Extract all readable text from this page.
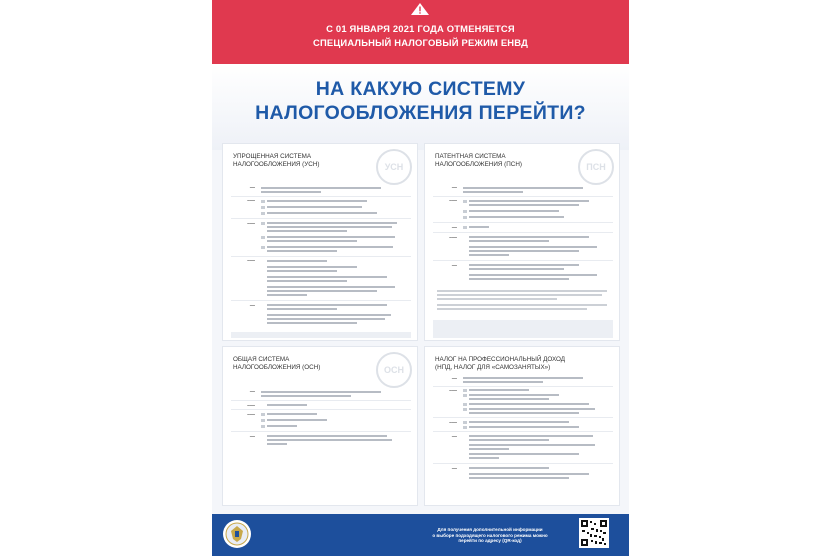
С 01 ЯНВАРЯ 2021 ГОДА ОТМЕНЯЕТСЯ
СПЕЦИАЛЬНЫЙ НАЛОГОВЫЙ РЕЖИМ ЕНВД
НА КАКУЮ СИСТЕМУ
НАЛОГООБЛОЖЕНИЯ ПЕРЕЙТИ?
УПРОЩЕННАЯ СИСТЕМА
НАЛОГООБЛОЖЕНИЯ (УСН)	УСН
▬▬
▬▬▬
▬▬▬
▬▬▬
▬▬
ПАТЕНТНАЯ СИСТЕМА
НАЛОГООБЛОЖЕНИЯ (ПСН)	ПСН
▬▬
▬▬▬
▬▬
▬▬▬
▬▬
ОБЩАЯ СИСТЕМА
НАЛОГООБЛОЖЕНИЯ (ОСН)	ОСН
▬▬
▬▬▬
▬▬▬
▬▬
НАЛОГ НА ПРОФЕССИОНАЛЬНЫЙ ДОХОД
(НПД, НАЛОГ ДЛЯ «САМОЗАНЯТЫХ»)
▬▬
▬▬▬
▬▬▬
▬▬
▬▬
Для получения дополнительной информации
о выборе подходящего налогового режима можно
перейти по адресу (QR-код)
